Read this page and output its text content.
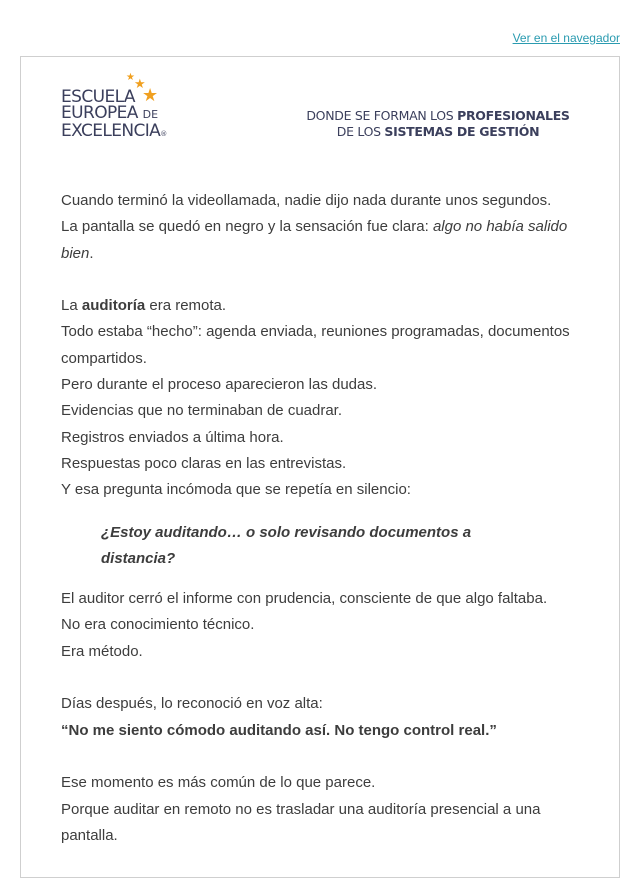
Ver en el navegador
★ ★
★
ESCUELA
EUROPEA DE
EXCELENCIA®
DONDE SE FORMAN LOS PROFESIONALES
DE LOS SISTEMAS DE GESTIÓN

Cuando terminó la videollamada, nadie dijo nada durante unos segundos.

La pantalla se quedó en negro y la sensación fue clara: algo no había salido bien.

La auditoría era remota.

Todo estaba “hecho”: agenda enviada, reuniones programadas, documentos compartidos.

Pero durante el proceso aparecieron las dudas.

Evidencias que no terminaban de cuadrar.

Registros enviados a última hora.

Respuestas poco claras en las entrevistas.

Y esa pregunta incómoda que se repetía en silencio:

¿Estoy auditando… o solo revisando documentos a distancia?

El auditor cerró el informe con prudencia, consciente de que algo faltaba.

No era conocimiento técnico.

Era método.

Días después, lo reconoció en voz alta:

“No me siento cómodo auditando así. No tengo control real.”

Ese momento es más común de lo que parece.

Porque auditar en remoto no es trasladar una auditoría presencial a una pantalla.
